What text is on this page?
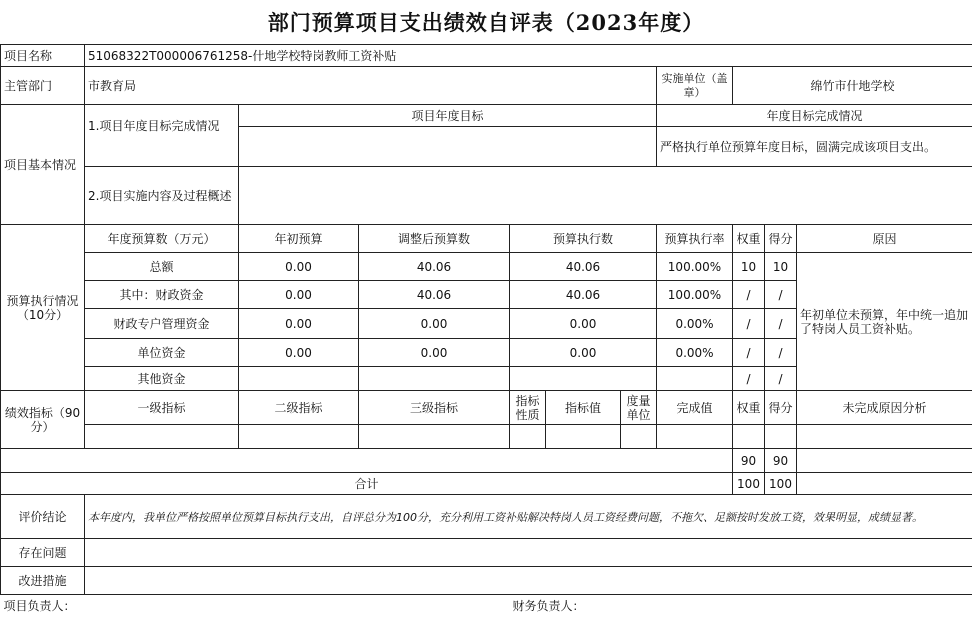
部门预算项目支出绩效自评表（2023年度）
项目名称	51068322T000006761258-什地学校特岗教师工资补贴									
主管部门	市教育局						实施单位（盖章）	绵竹市什地学校		
项目基本情况	1.项目年度目标完成情况	项目年度目标					年度目标完成情况			
							严格执行单位预算年度目标，圆满完成该项目支出。			
	2.项目实施内容及过程概述									

预算执行情况（10分）	年度预算数（万元）	年初预算	调整后预算数	预算执行数			预算执行率	权重	得分	原因
	总额	0.00	40.06	40.06			100.00%	10	10	年初单位未预算，年中统一追加了特岗人员工资补贴。
	其中：财政资金	0.00	40.06	40.06			100.00%	/	/	
	财政专户管理资金	0.00	0.00	0.00			0.00%	/	/	
	单位资金	0.00	0.00	0.00			0.00%	/	/	
	其他资金							/	/	
绩效指标（90分）	一级指标	二级指标	三级指标	指标性质	指标值	度量单位	完成值	权重	得分	未完成原因分析

								90	90	
合计								100	100	
评价结论	本年度内，我单位严格按照单位预算目标执行支出，自评总分为100分，充分利用工资补贴解决特岗人员工资经费问题，不拖欠、足额按时发放工资，效果明显，成绩显著。									
存在问题										
改进措施										
项目负责人：				财务负责人：						
